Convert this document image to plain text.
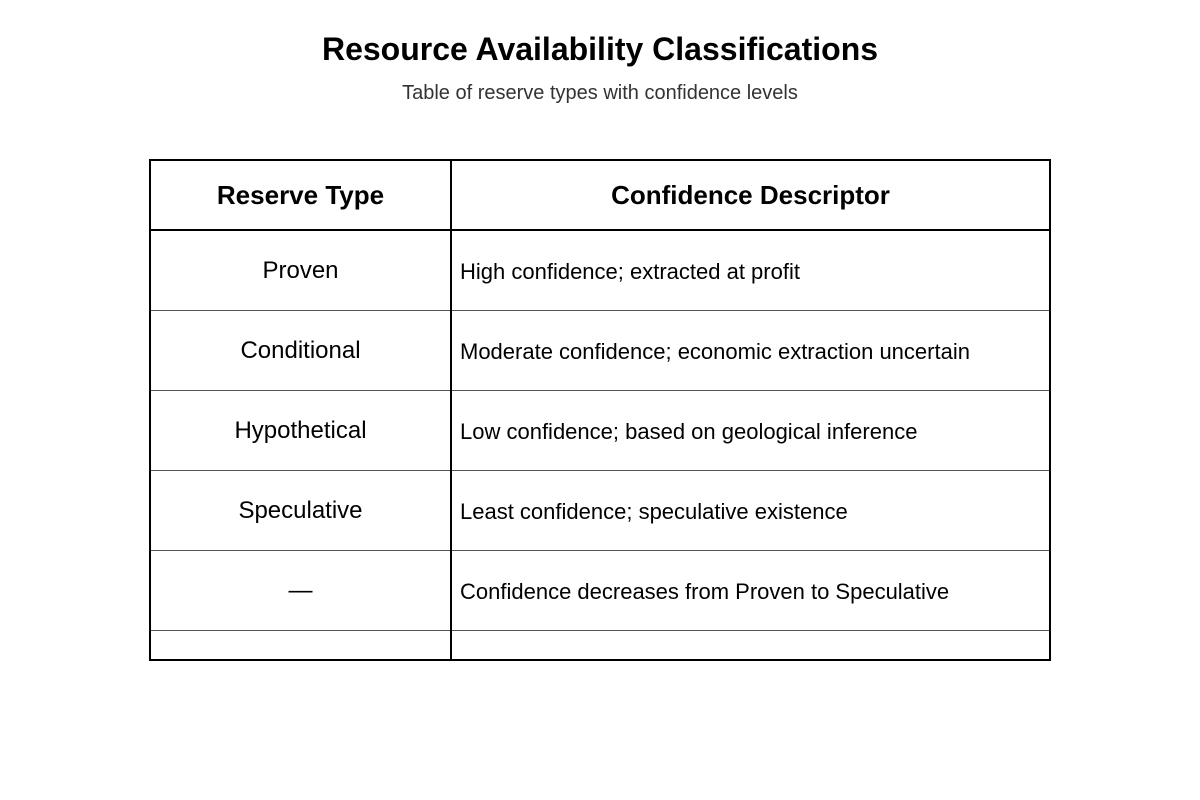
Resource Availability Classifications
Table of reserve types with confidence levels
Reserve Type	Confidence Descriptor
Proven	High confidence; extracted at profit
Conditional	Moderate confidence; economic extraction uncertain
Hypothetical	Low confidence; based on geological inference
Speculative	Least confidence; speculative existence
—	Confidence decreases from Proven to Speculative
